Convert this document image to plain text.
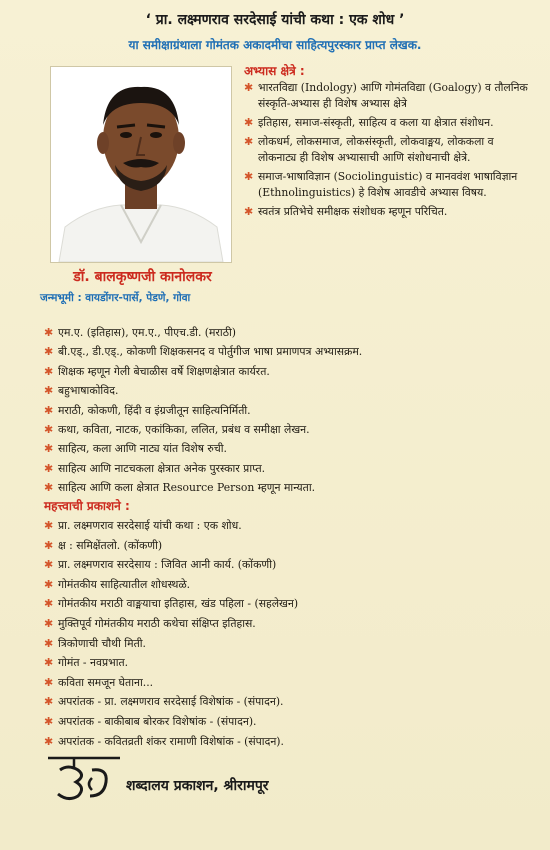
‘ प्रा. लक्ष्मणराव सरदेसाई यांची कथा : एक शोध ’
या समीक्षाग्रंथाला गोमंतक अकादमीचा साहित्यपुरस्कार प्राप्त लेखक.
डॉ. बालकृष्णजी कानोलकर
जन्मभूमी : वायडोंगर-पार्से, पेडणे, गोवा
अभ्यास क्षेत्रे :
✱ भारतविद्या (Indology) आणि गोमंतविद्या (Goalogy) व तौलनिक संस्कृति-अभ्यास ही विशेष अभ्यास क्षेत्रे
✱ इतिहास, समाज-संस्कृती, साहित्य व कला या क्षेत्रात संशोधन.
✱ लोकधर्म, लोकसमाज, लोकसंस्कृती, लोकवाङ्मय, लोककला व लोकनाट्य ही विशेष अभ्यासाची आणि संशोधनाची क्षेत्रे.
✱ समाज-भाषाविज्ञान (Sociolinguistic) व मानववंश भाषाविज्ञान (Ethnolinguistics) हे विशेष आवडीचे अभ्यास विषय.
✱ स्वतंत्र प्रतिभेचे समीक्षक संशोधक म्हणून परिचित.
✱ एम.ए. (इतिहास), एम.ए., पीएच.डी. (मराठी)
✱ बी.एड्., डी.एड्., कोकणी शिक्षकसनद व पोर्तुगीज भाषा प्रमाणपत्र अभ्यासक्रम.
✱ शिक्षक म्हणून गेली बेचाळीस वर्षे शिक्षणक्षेत्रात कार्यरत.
✱ बहुभाषाकोविद.
✱ मराठी, कोकणी, हिंदी व इंग्रजीतून साहित्यनिर्मिती.
✱ कथा, कविता, नाटक, एकांकिका, ललित, प्रबंध व समीक्षा लेखन.
✱ साहित्य, कला आणि नाट्य यांत विशेष रुची.
✱ साहित्य आणि नाटचकला क्षेत्रात अनेक पुरस्कार प्राप्त.
✱ साहित्य आणि कला क्षेत्रात Resource Person म्हणून मान्यता.
महत्त्वाची प्रकाशने :
✱ प्रा. लक्ष्मणराव सरदेसाई यांची कथा : एक शोध.
✱ क्ष : समिक्षेंतलो. (कोंकणी)
✱ प्रा. लक्ष्मणराव सरदेसाय : जिवित आनी कार्य. (कोंकणी)
✱ गोमंतकीय साहित्यातील शोधस्थळे.
✱ गोमंतकीय मराठी वाङ्मयाचा इतिहास, खंड पहिला - (सहलेखन)
✱ मुक्तिपूर्व गोमंतकीय मराठी कथेचा संक्षिप्त इतिहास.
✱ त्रिकोणाची चौथी मिती.
✱ गोमंत - नवप्रभात.
✱ कविता समजून घेताना...
✱ अपरांतक - प्रा. लक्ष्मणराव सरदेसाई विशेषांक - (संपादन).
✱ अपरांतक - बाकीबाब बोरकर विशेषांक - (संपादन).
✱ अपरांतक - कवितव्रती शंकर रामाणी विशेषांक - (संपादन).
शब्दालय प्रकाशन, श्रीरामपूर
